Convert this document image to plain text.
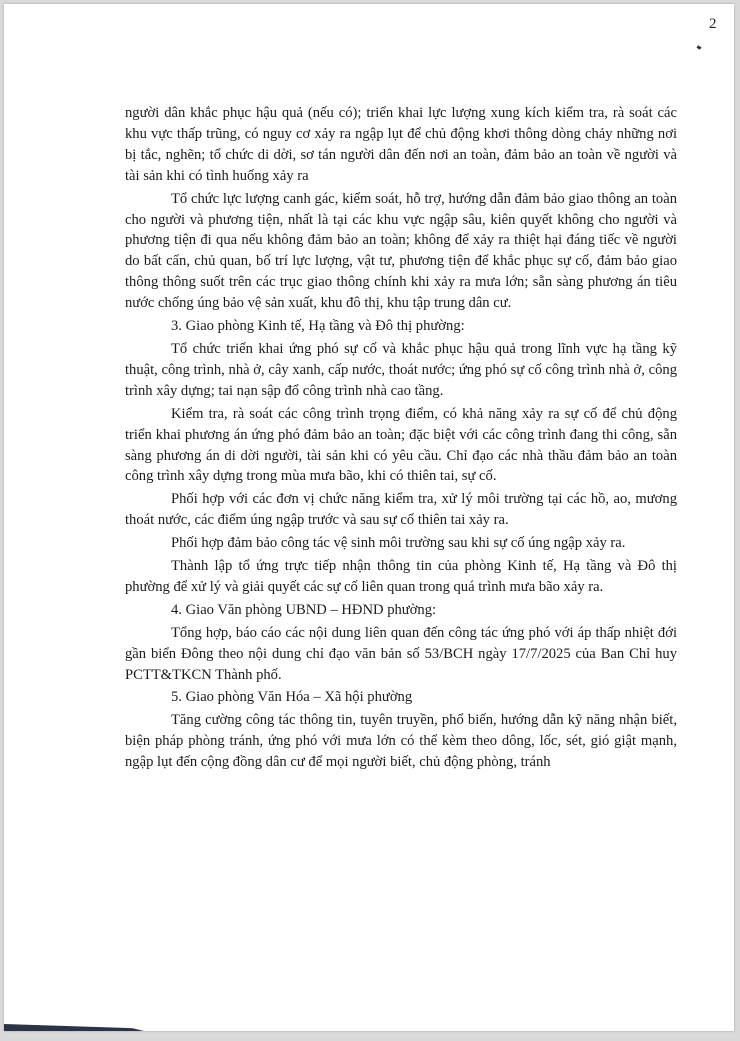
2

người dân khắc phục hậu quả (nếu có); triển khai lực lượng xung kích kiểm tra, rà soát các khu vực thấp trũng, có nguy cơ xảy ra ngập lụt để chủ động khơi thông dòng chảy những nơi bị tắc, nghẽn; tổ chức di dời, sơ tán người dân đến nơi an toàn, đảm bảo an toàn về người và tài sản khi có tình huống xảy ra

Tổ chức lực lượng canh gác, kiểm soát, hỗ trợ, hướng dẫn đảm bảo giao thông an toàn cho người và phương tiện, nhất là tại các khu vực ngập sâu, kiên quyết không cho người và phương tiện đi qua nếu không đảm bảo an toàn; không để xảy ra thiệt hại đáng tiếc về người do bất cẩn, chủ quan, bố trí lực lượng, vật tư, phương tiện để khắc phục sự cố, đảm bảo giao thông thông suốt trên các trục giao thông chính khi xảy ra mưa lớn; sẵn sàng phương án tiêu nước chống úng bảo vệ sản xuất, khu đô thị, khu tập trung dân cư.

3. Giao phòng Kinh tế, Hạ tầng và Đô thị phường:

Tổ chức triển khai ứng phó sự cố và khắc phục hậu quả trong lĩnh vực hạ tầng kỹ thuật, công trình, nhà ở, cây xanh, cấp nước, thoát nước; ứng phó sự cố công trình nhà ở, công trình xây dựng; tai nạn sập đổ công trình nhà cao tầng.

Kiểm tra, rà soát các công trình trọng điểm, có khả năng xảy ra sự cố để chủ động triển khai phương án ứng phó đảm bảo an toàn; đặc biệt với các công trình đang thi công, sẵn sàng phương án di dời người, tài sản khi có yêu cầu. Chỉ đạo các nhà thầu đảm bảo an toàn công trình xây dựng trong mùa mưa bão, khi có thiên tai, sự cố.

Phối hợp với các đơn vị chức năng kiểm tra, xử lý môi trường tại các hồ, ao, mương thoát nước, các điểm úng ngập trước và sau sự cố thiên tai xảy ra.

Phối hợp đảm bảo công tác vệ sinh môi trường sau khi sự cố úng ngập xảy ra.

Thành lập tổ ứng trực tiếp nhận thông tin của phòng Kinh tế, Hạ tầng và Đô thị phường để xử lý và giải quyết các sự cố liên quan trong quá trình mưa bão xảy ra.

4. Giao Văn phòng UBND – HĐND phường:

Tổng hợp, báo cáo các nội dung liên quan đến công tác ứng phó với áp thấp nhiệt đới gần biển Đông theo nội dung chỉ đạo văn bản số 53/BCH ngày 17/7/2025 của Ban Chỉ huy PCTT&TKCN Thành phố.

5. Giao phòng Văn Hóa – Xã hội phường

Tăng cường công tác thông tin, tuyên truyền, phổ biến, hướng dẫn kỹ năng nhận biết, biện pháp phòng tránh, ứng phó với mưa lớn có thể kèm theo dông, lốc, sét, gió giật mạnh, ngập lụt đến cộng đồng dân cư để mọi người biết, chủ động phòng, tránh
